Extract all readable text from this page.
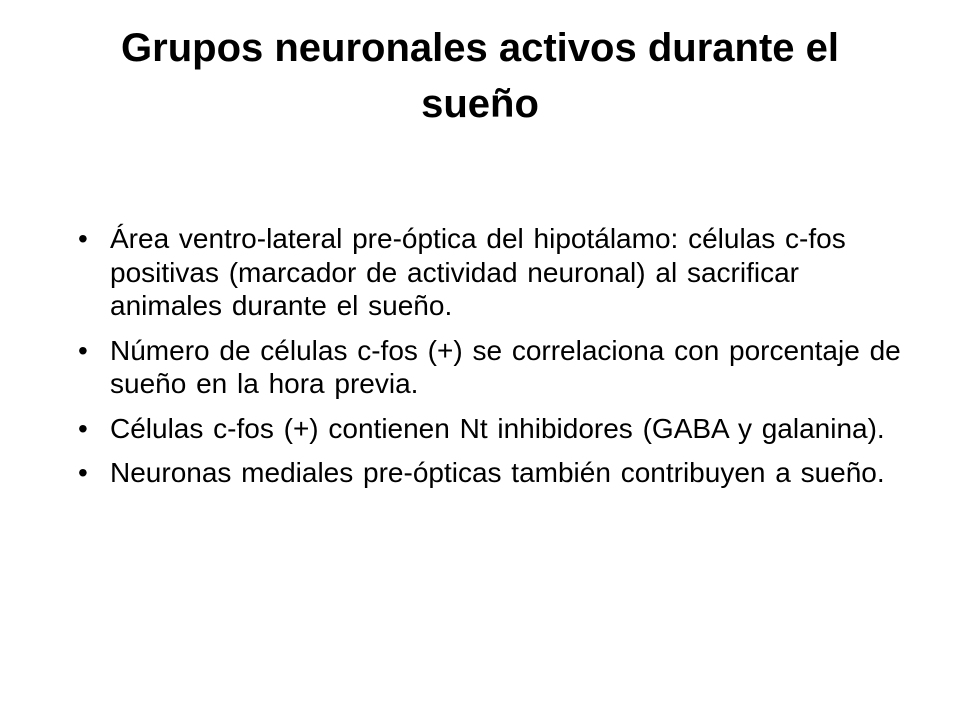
Grupos neuronales activos durante el sueño
• Área ventro-lateral pre-óptica del hipotálamo: células c-fos positivas (marcador de actividad neuronal) al sacrificar animales durante el sueño.
• Número de células c-fos (+) se correlaciona con porcentaje de sueño en la hora previa.
• Células c-fos (+) contienen Nt inhibidores (GABA y galanina).
• Neuronas mediales pre-ópticas también contribuyen a sueño.
